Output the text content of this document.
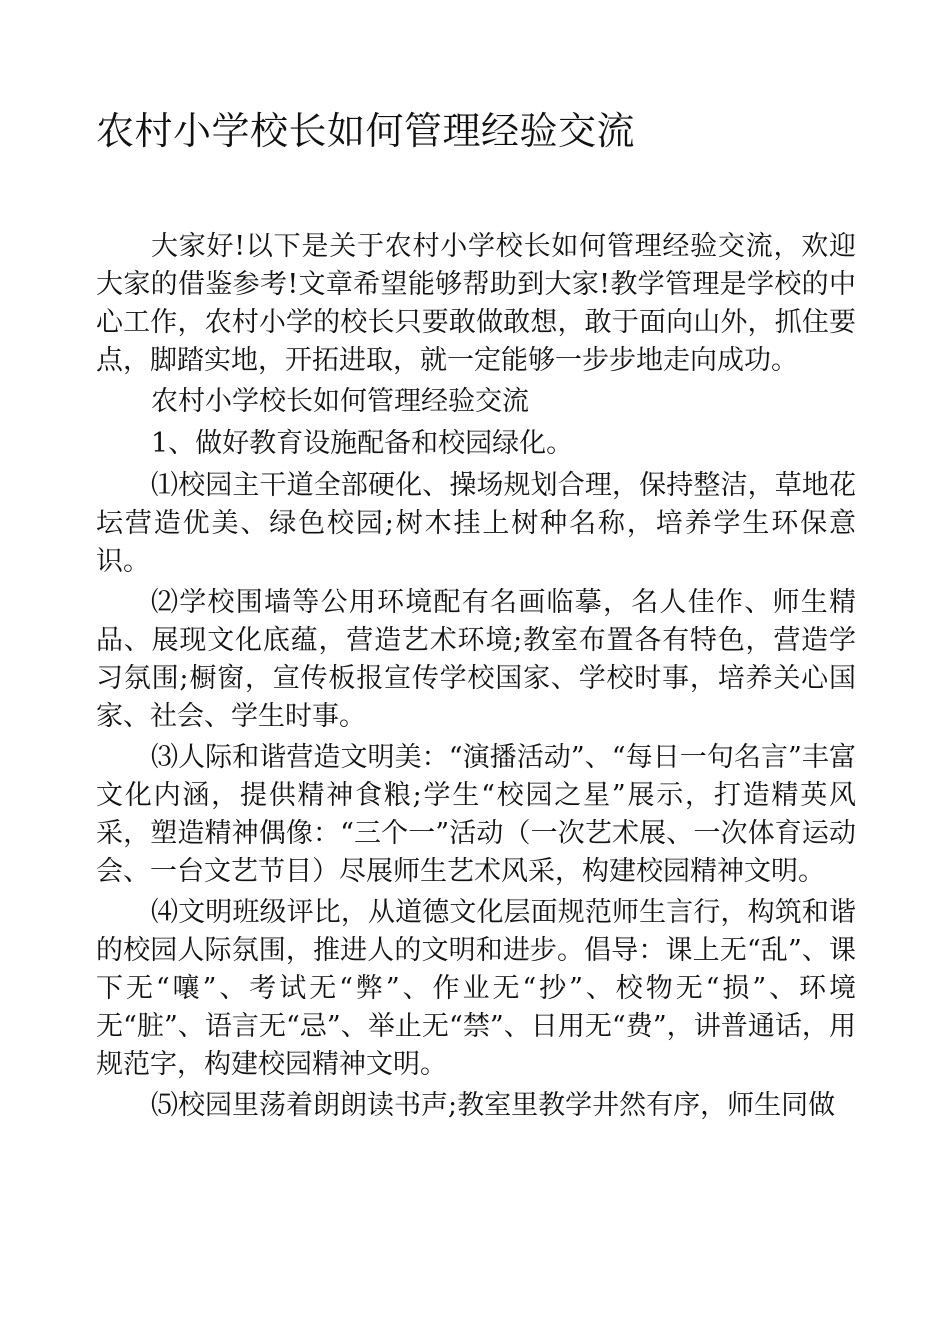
农村小学校长如何管理经验交流

大家好!以下是关于农村小学校长如何管理经验交流，欢迎大家的借鉴参考!文章希望能够帮助到大家!教学管理是学校的中心工作，农村小学的校长只要敢做敢想，敢于面向山外，抓住要点，脚踏实地，开拓进取，就一定能够一步步地走向成功。

农村小学校长如何管理经验交流

1、做好教育设施配备和校园绿化。

⑴校园主干道全部硬化、操场规划合理，保持整洁，草地花坛营造优美、绿色校园;树木挂上树种名称，培养学生环保意识。

⑵学校围墙等公用环境配有名画临摹，名人佳作、师生精品、展现文化底蕴，营造艺术环境;教室布置各有特色，营造学习氛围;橱窗，宣传板报宣传学校国家、学校时事，培养关心国家、社会、学生时事。

⑶人际和谐营造文明美：“演播活动”、“每日一句名言”丰富文化内涵，提供精神食粮;学生“校园之星”展示，打造精英风采，塑造精神偶像：“三个一”活动（一次艺术展、一次体育运动会、一台文艺节目）尽展师生艺术风采，构建校园精神文明。

⑷文明班级评比，从道德文化层面规范师生言行，构筑和谐的校园人际氛围，推进人的文明和进步。倡导：课上无“乱”、课下无“嚷”、考试无“弊”、作业无“抄”、校物无“损”、环境无“脏”、语言无“忌”、举止无“禁”、日用无“费”，讲普通话，用规范字，构建校园精神文明。

⑸校园里荡着朗朗读书声;教室里教学井然有序，师生同做
